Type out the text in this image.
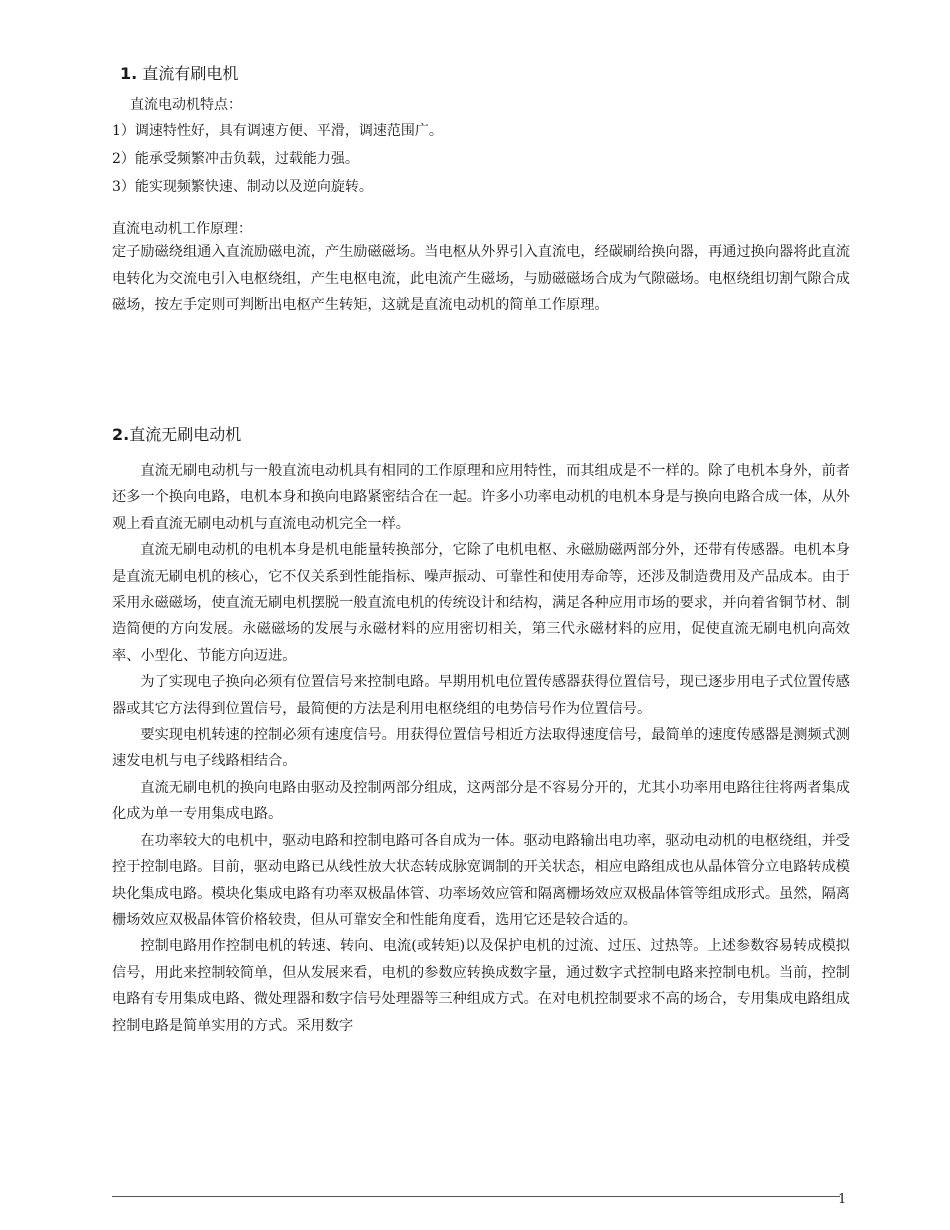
1. 直流有刷电机
直流电动机特点：
1）调速特性好，具有调速方便、平滑，调速范围广。
2）能承受频繁冲击负载，过载能力强。
3）能实现频繁快速、制动以及逆向旋转。
直流电动机工作原理：

定子励磁绕组通入直流励磁电流，产生励磁磁场。当电枢从外界引入直流电，经碳刷给换向器，再通过换向器将此直流电转化为交流电引入电枢绕组，产生电枢电流，此电流产生磁场，与励磁磁场合成为气隙磁场。电枢绕组切割气隙合成磁场，按左手定则可判断出电枢产生转矩，这就是直流电动机的简单工作原理。

2.直流无刷电动机

直流无刷电动机与一般直流电动机具有相同的工作原理和应用特性，而其组成是不一样的。除了电机本身外，前者还多一个换向电路，电机本身和换向电路紧密结合在一起。许多小功率电动机的电机本身是与换向电路合成一体，从外观上看直流无刷电动机与直流电动机完全一样。

直流无刷电动机的电机本身是机电能量转换部分，它除了电机电枢、永磁励磁两部分外，还带有传感器。电机本身是直流无刷电机的核心，它不仅关系到性能指标、噪声振动、可靠性和使用寿命等，还涉及制造费用及产品成本。由于采用永磁磁场，使直流无刷电机摆脱一般直流电机的传统设计和结构，满足各种应用市场的要求，并向着省铜节材、制造简便的方向发展。永磁磁场的发展与永磁材料的应用密切相关，第三代永磁材料的应用，促使直流无刷电机向高效率、小型化、节能方向迈进。

为了实现电子换向必须有位置信号来控制电路。早期用机电位置传感器获得位置信号，现已逐步用电子式位置传感器或其它方法得到位置信号，最简便的方法是利用电枢绕组的电势信号作为位置信号。

要实现电机转速的控制必须有速度信号。用获得位置信号相近方法取得速度信号，最简单的速度传感器是测频式测速发电机与电子线路相结合。

直流无刷电机的换向电路由驱动及控制两部分组成，这两部分是不容易分开的，尤其小功率用电路往往将两者集成化成为单一专用集成电路。

在功率较大的电机中，驱动电路和控制电路可各自成为一体。驱动电路输出电功率，驱动电动机的电枢绕组，并受控于控制电路。目前，驱动电路已从线性放大状态转成脉宽调制的开关状态，相应电路组成也从晶体管分立电路转成模块化集成电路。模块化集成电路有功率双极晶体管、功率场效应管和隔离栅场效应双极晶体管等组成形式。虽然，隔离栅场效应双极晶体管价格较贵，但从可靠安全和性能角度看，选用它还是较合适的。

控制电路用作控制电机的转速、转向、电流(或转矩)以及保护电机的过流、过压、过热等。上述参数容易转成模拟信号，用此来控制较简单，但从发展来看，电机的参数应转换成数字量，通过数字式控制电路来控制电机。当前，控制电路有专用集成电路、微处理器和数字信号处理器等三种组成方式。在对电机控制要求不高的场合，专用集成电路组成控制电路是简单实用的方式。采用数字

1
